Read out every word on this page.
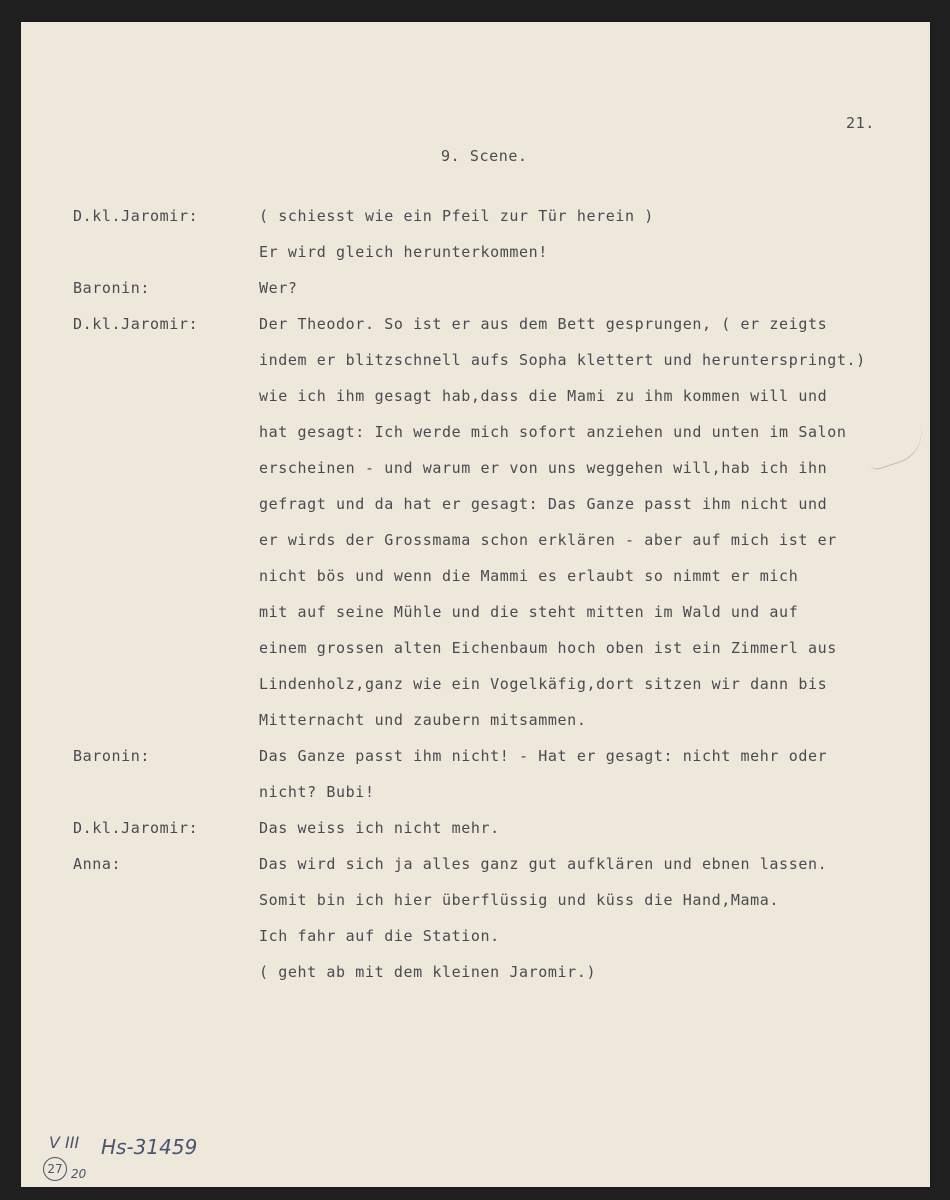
21.
9. Scene.
D.kl.Jaromir:	( schiesst wie ein Pfeil zur Tür herein )
Er wird gleich herunterkommen!
Baronin:	Wer?
D.kl.Jaromir:	Der Theodor. So ist er aus dem Bett gesprungen, ( er zeigts
indem er blitzschnell aufs Sopha klettert und herunterspringt.)
wie ich ihm gesagt hab,dass die Mami zu ihm kommen will und
hat gesagt: Ich werde mich sofort anziehen und unten im Salon
erscheinen - und warum er von uns weggehen will,hab ich ihn
gefragt und da hat er gesagt: Das Ganze passt ihm nicht und
er wirds der Grossmama schon erklären - aber auf mich ist er
nicht bös und wenn die Mammi es erlaubt so nimmt er mich
mit auf seine Mühle und die steht mitten im Wald und auf
einem grossen alten Eichenbaum hoch oben ist ein Zimmerl aus
Lindenholz,ganz wie ein Vogelkäfig,dort sitzen wir dann bis
Mitternacht und zaubern mitsammen.
Baronin:	Das Ganze passt ihm nicht! - Hat er gesagt: nicht mehr oder
nicht? Bubi!
D.kl.Jaromir:	Das weiss ich nicht mehr.
Anna:	Das wird sich ja alles ganz gut aufklären und ebnen lassen.
Somit bin ich hier überflüssig und küss die Hand,Mama.
Ich fahr auf die Station.
( geht ab mit dem kleinen Jaromir.)
V III Hs-31459
27 20
